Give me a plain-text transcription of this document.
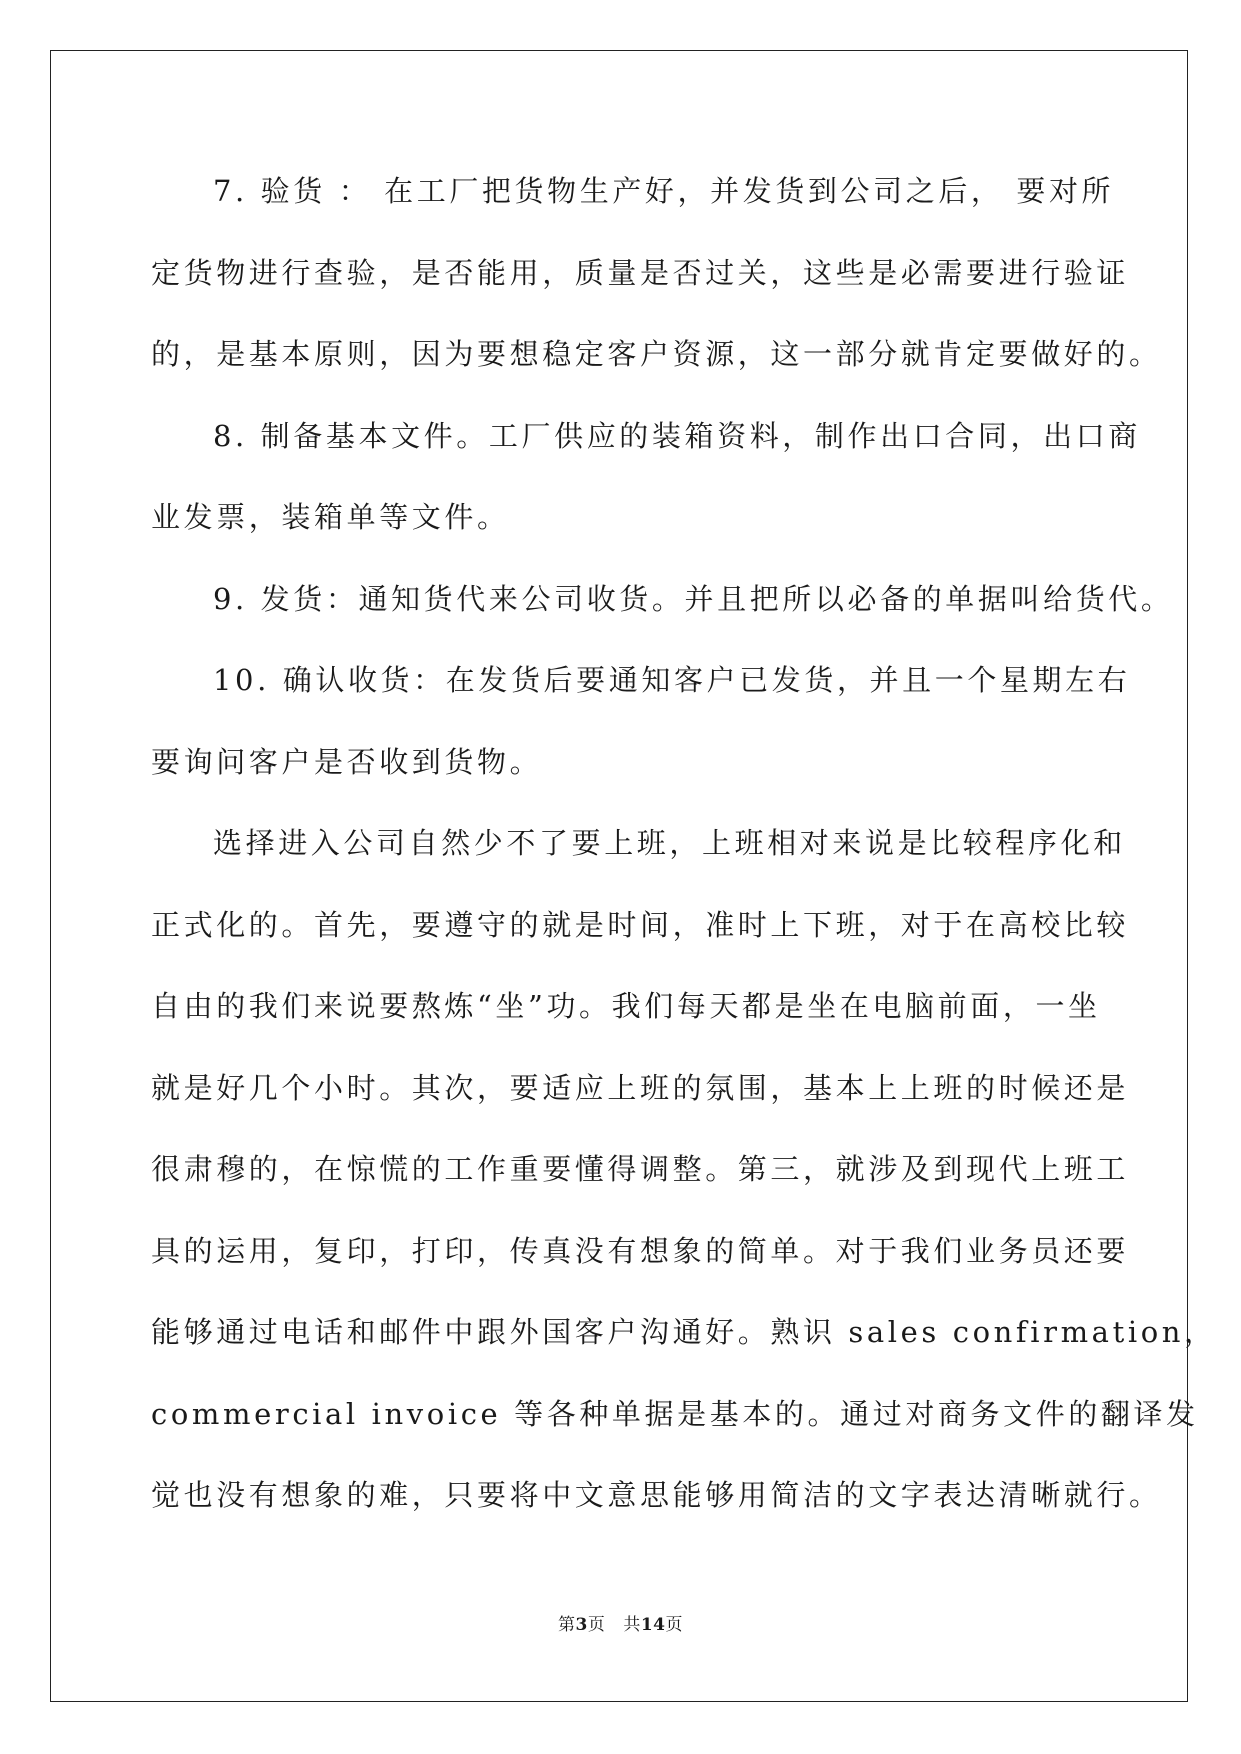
7. 验货 ： 在工厂把货物生产好，并发货到公司之后， 要对所
定货物进行查验，是否能用，质量是否过关，这些是必需要进行验证
的，是基本原则，因为要想稳定客户资源，这一部分就肯定要做好的。
8. 制备基本文件。工厂供应的装箱资料，制作出口合同，出口商
业发票，装箱单等文件。
9. 发货：通知货代来公司收货。并且把所以必备的单据叫给货代。
10. 确认收货：在发货后要通知客户已发货，并且一个星期左右
要询问客户是否收到货物。
选择进入公司自然少不了要上班，上班相对来说是比较程序化和
正式化的。首先，要遵守的就是时间，准时上下班，对于在高校比较
自由的我们来说要熬炼“坐”功。我们每天都是坐在电脑前面，一坐
就是好几个小时。其次，要适应上班的氛围，基本上上班的时候还是
很肃穆的，在惊慌的工作重要懂得调整。第三，就涉及到现代上班工
具的运用，复印，打印，传真没有想象的简单。对于我们业务员还要
能够通过电话和邮件中跟外国客户沟通好。熟识 sales confirmation，
commercial invoice 等各种单据是基本的。通过对商务文件的翻译发
觉也没有想象的难，只要将中文意思能够用简洁的文字表达清晰就行。
第3页 共14页
